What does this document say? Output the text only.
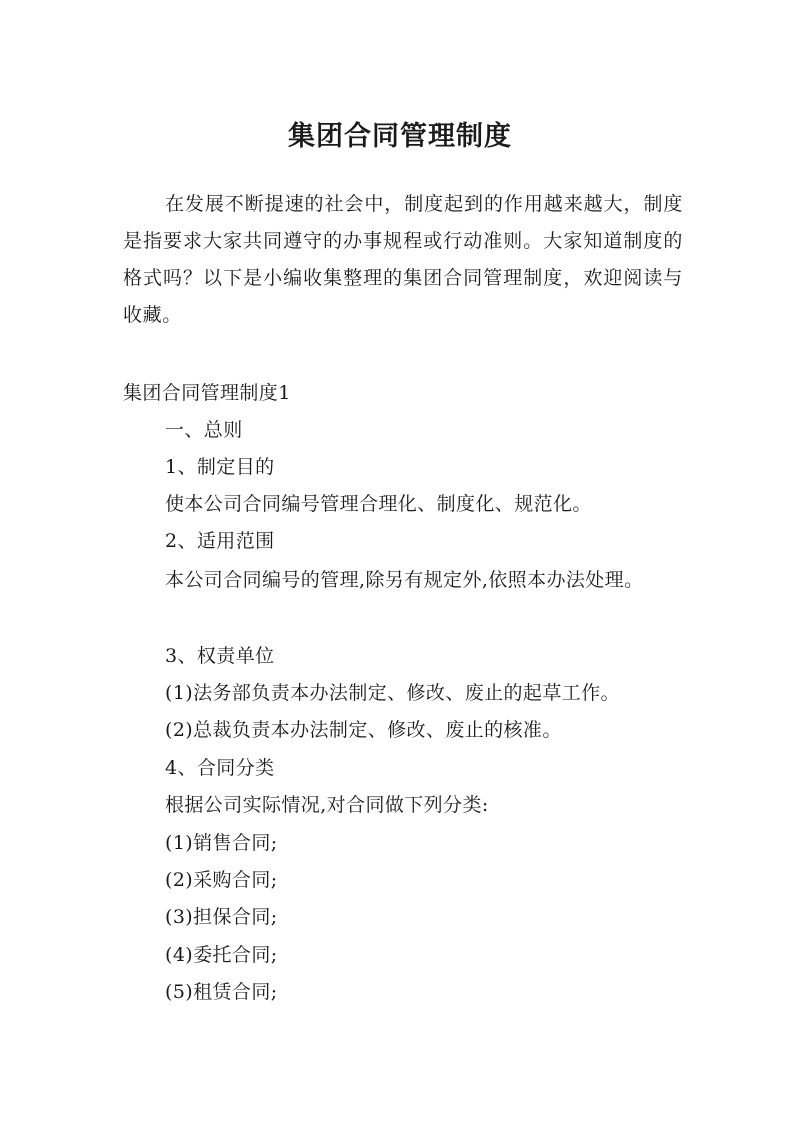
集团合同管理制度

在发展不断提速的社会中，制度起到的作用越来越大，制度是指要求大家共同遵守的办事规程或行动准则。大家知道制度的格式吗？以下是小编收集整理的集团合同管理制度，欢迎阅读与收藏。

集团合同管理制度1

一、总则

1、制定目的

使本公司合同编号管理合理化、制度化、规范化。

2、适用范围

本公司合同编号的管理,除另有规定外,依照本办法处理。

3、权责单位

(1)法务部负责本办法制定、修改、废止的起草工作。

(2)总裁负责本办法制定、修改、废止的核准。

4、合同分类

根据公司实际情况,对合同做下列分类:

(1)销售合同;

(2)采购合同;

(3)担保合同;

(4)委托合同;

(5)租赁合同;
